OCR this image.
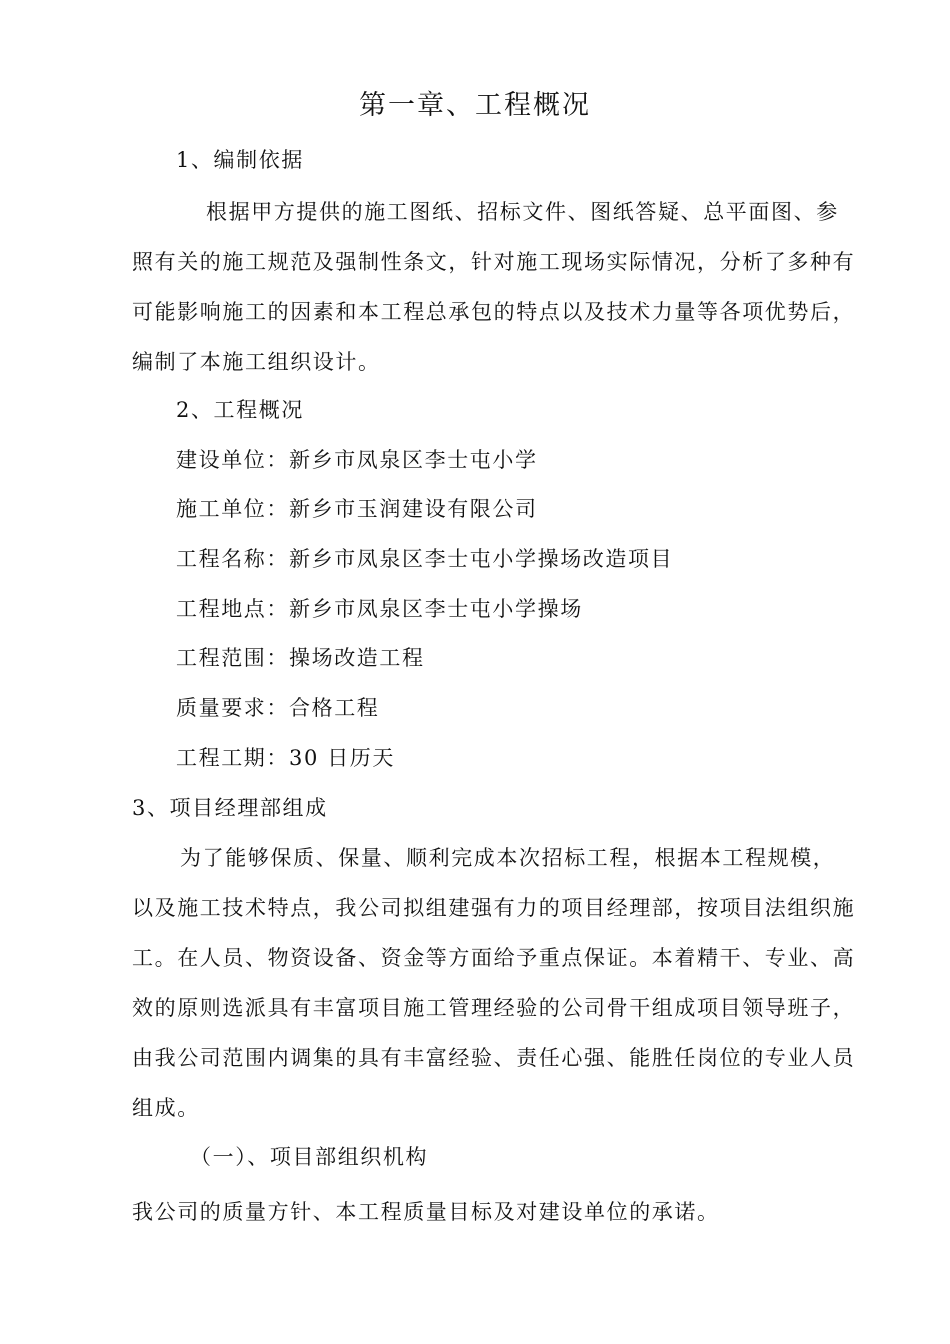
第一章、工程概况
1、编制依据
根据甲方提供的施工图纸、招标文件、图纸答疑、总平面图、参
照有关的施工规范及强制性条文，针对施工现场实际情况，分析了多种有
可能影响施工的因素和本工程总承包的特点以及技术力量等各项优势后，
编制了本施工组织设计。
2、工程概况
建设单位：新乡市凤泉区李士屯小学
施工单位：新乡市玉润建设有限公司
工程名称：新乡市凤泉区李士屯小学操场改造项目
工程地点：新乡市凤泉区李士屯小学操场
工程范围：操场改造工程
质量要求：合格工程
工程工期：30 日历天
3、项目经理部组成
为了能够保质、保量、顺利完成本次招标工程，根据本工程规模，
以及施工技术特点，我公司拟组建强有力的项目经理部，按项目法组织施
工。在人员、物资设备、资金等方面给予重点保证。本着精干、专业、高
效的原则选派具有丰富项目施工管理经验的公司骨干组成项目领导班子，
由我公司范围内调集的具有丰富经验、责任心强、能胜任岗位的专业人员
组成。
（一）、项目部组织机构
我公司的质量方针、本工程质量目标及对建设单位的承诺。
